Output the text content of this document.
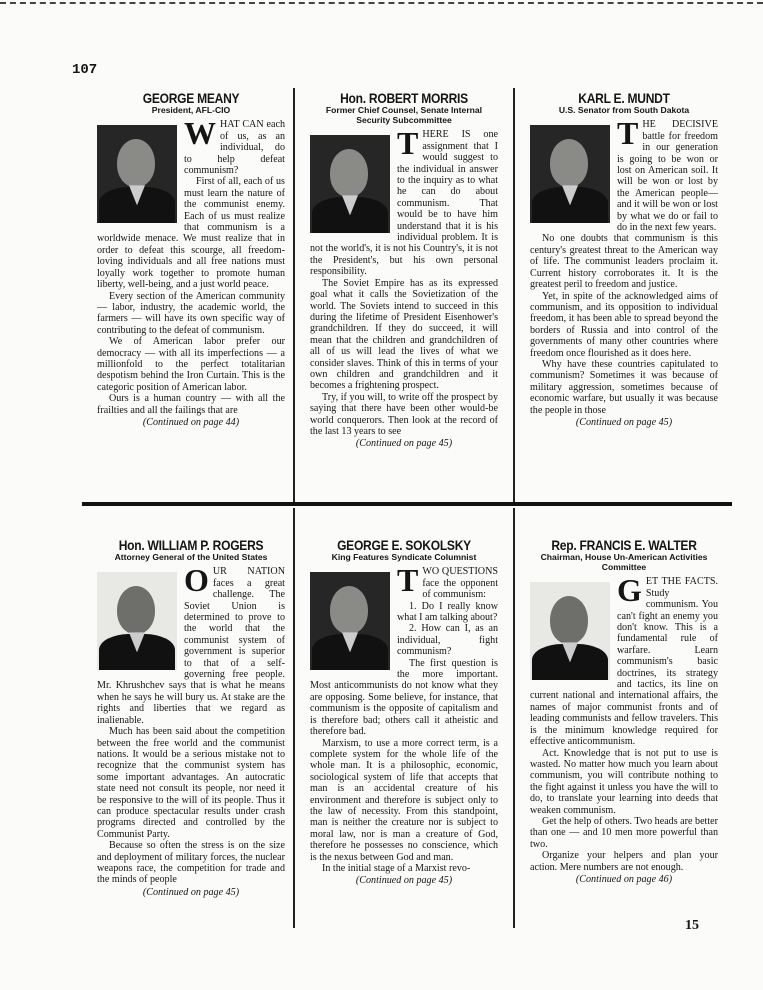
107
GEORGE MEANY
President, AFL-CIO
W HAT CAN each of us, as an individual, do to help defeat communism?

First of all, each of us must learn the nature of the communist enemy. Each of us must realize that communism is a worldwide menace. We must realize that in order to defeat this scourge, all freedom-loving individuals and all free nations must loyally work together to promote human liberty, well-being, and a just world peace.

Every section of the American community — labor, industry, the academic world, the farmers — will have its own specific way of contributing to the defeat of communism.

We of American labor prefer our democracy — with all its imperfections — a millionfold to the perfect totalitarian despotism behind the Iron Curtain. This is the categoric position of American labor.

Ours is a human country — with all the frailties and all the failings that are

(Continued on page 44)
Hon. ROBERT MORRIS
Former Chief Counsel, Senate Internal Security Subcommittee
T HERE IS one assignment that I would suggest to the individual in answer to the inquiry as to what he can do about communism. That would be to have him understand that it is his individual problem. It is not the world's, it is not his Country's, it is not the President's, but his own personal responsibility.

The Soviet Empire has as its expressed goal what it calls the Sovietization of the world. The Soviets intend to succeed in this during the lifetime of President Eisenhower's grandchildren. If they do succeed, it will mean that the children and grandchildren of all of us will lead the lives of what we consider slaves. Think of this in terms of your own children and grandchildren and it becomes a frightening prospect.

Try, if you will, to write off the prospect by saying that there have been other would-be world conquerors. Then look at the record of the last 13 years to see

(Continued on page 45)
KARL E. MUNDT
U.S. Senator from South Dakota
T HE DECISIVE battle for freedom in our generation is going to be won or lost on American soil. It will be won or lost by the American people—and it will be won or lost by what we do or fail to do in the next few years.

No one doubts that communism is this century's greatest threat to the American way of life. The communist leaders proclaim it. Current history corroborates it. It is the greatest peril to freedom and justice.

Yet, in spite of the acknowledged aims of communism, and its opposition to individual freedom, it has been able to spread beyond the borders of Russia and into control of the governments of many other countries where freedom once flourished as it does here.

Why have these countries capitulated to communism? Sometimes it was because of military aggression, sometimes because of economic warfare, but usually it was because the people in those

(Continued on page 45)
Hon. WILLIAM P. ROGERS
Attorney General of the United States
O UR NATION faces a great challenge. The Soviet Union is determined to prove to the world that the communist system of government is superior to that of a self-governing free people. Mr. Khrushchev says that is what he means when he says he will bury us. At stake are the rights and liberties that we regard as inalienable.

Much has been said about the competition between the free world and the communist nations. It would be a serious mistake not to recognize that the communist system has some important advantages. An autocratic state need not consult its people, nor need it be responsive to the will of its people. Thus it can produce spectacular results under crash programs directed and controlled by the Communist Party.

Because so often the stress is on the size and deployment of military forces, the nuclear weapons race, the competition for trade and the minds of people

(Continued on page 45)
GEORGE E. SOKOLSKY
King Features Syndicate Columnist
T WO QUESTIONS face the opponent of communism:

1. Do I really know what I am talking about?

2. How can I, as an individual, fight communism?

The first question is the more important. Most anticommunists do not know what they are opposing. Some believe, for instance, that communism is the opposite of capitalism and is therefore bad; others call it atheistic and therefore bad.

Marxism, to use a more correct term, is a complete system for the whole life of the whole man. It is a philosophic, economic, sociological system of life that accepts that man is an accidental creature of his environment and therefore is subject only to the law of necessity. From this standpoint, man is neither the creature nor is subject to moral law, nor is man a creature of God, therefore he possesses no conscience, which is the nexus between God and man.

In the initial stage of a Marxist revo-

(Continued on page 45)
Rep. FRANCIS E. WALTER
Chairman, House Un-American Activities Committee
G ET THE FACTS. Study communism. You can't fight an enemy you don't know. This is a fundamental rule of warfare. Learn communism's basic doctrines, its strategy and tactics, its line on current national and international affairs, the names of major communist fronts and of leading communists and fellow travelers. This is the minimum knowledge required for effective anticommunism.

Act. Knowledge that is not put to use is wasted. No matter how much you learn about communism, you will contribute nothing to the fight against it unless you have the will to do, to translate your learning into deeds that weaken communism.

Get the help of others. Two heads are better than one — and 10 men more powerful than two.

Organize your helpers and plan your action. Mere numbers are not enough.

(Continued on page 46)
15
